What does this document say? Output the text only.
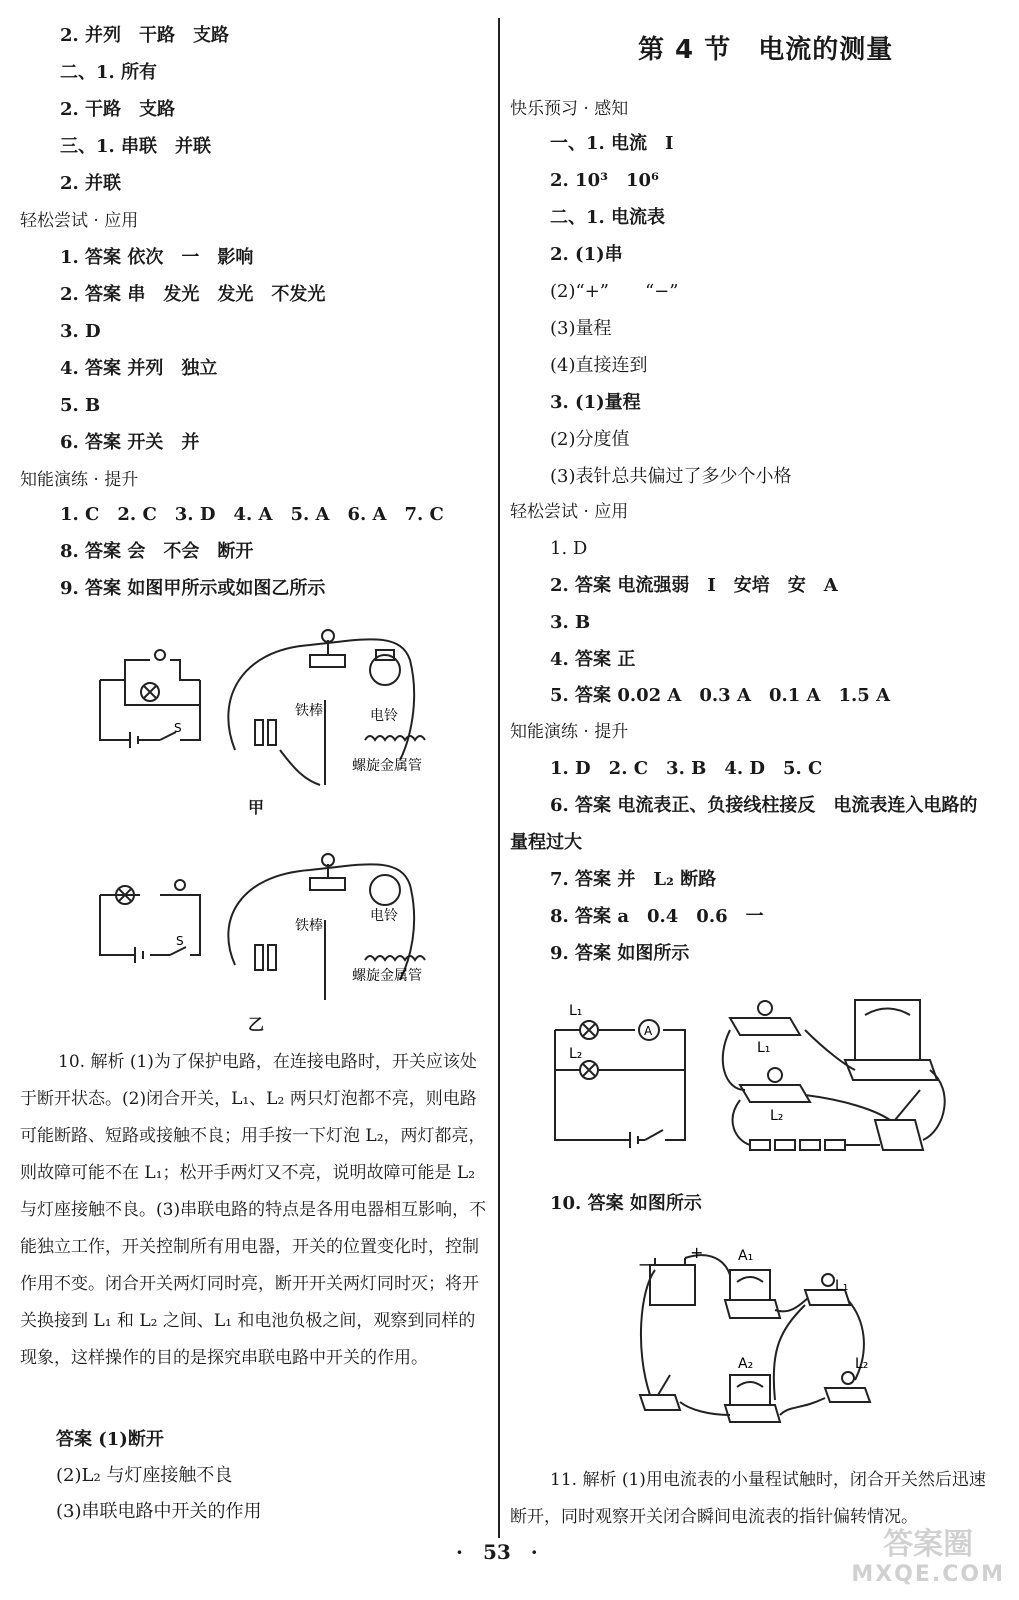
2. 并列　干路　支路
二、1. 所有
2. 干路　支路
三、1. 串联　并联
2. 并联
轻松尝试 · 应用
1. 答案 依次　一　影响
2. 答案 串　发光　发光　不发光
3. D
4. 答案 并列　独立
5. B
6. 答案 开关　并
知能演练 · 提升
1. C　2. C　3. D　4. A　5. A　6. A　7. C
8. 答案 会　不会　断开
9. 答案 如图甲所示或如图乙所示
S
铁棒	电铃
螺旋金属管
甲
S
铁棒
电铃
螺旋金属管
乙
10. 解析 (1)为了保护电路，在连接电路时，开关应该处于断开状态。(2)闭合开关，L₁、L₂ 两只灯泡都不亮，则电路可能断路、短路或接触不良；用手按一下灯泡 L₂，两灯都亮，则故障可能不在 L₁；松开手两灯又不亮，说明故障可能是 L₂ 与灯座接触不良。(3)串联电路的特点是各用电器相互影响，不能独立工作，开关控制所有用电器，开关的位置变化时，控制作用不变。闭合开关两灯同时亮，断开开关两灯同时灭；将开关换接到 L₁ 和 L₂ 之间、L₁ 和电池负极之间，观察到同样的现象，这样操作的目的是探究串联电路中开关的作用。
答案 (1)断开
(2)L₂ 与灯座接触不良
(3)串联电路中开关的作用
第 4 节　电流的测量
快乐预习 · 感知
一、1. 电流　I
2. 10³　10⁶
二、1. 电流表
2. (1)串
(2)“+”　　“−”
(3)量程
(4)直接连到
3. (1)量程
(2)分度值
(3)表针总共偏过了多少个小格
轻松尝试 · 应用
1. D
2. 答案 电流强弱　I　安培　安　A
3. B
4. 答案 正
5. 答案 0.02 A　0.3 A　0.1 A　1.5 A
知能演练 · 提升
1. D　2. C　3. B　4. D　5. C
6. 答案 电流表正、负接线柱接反　电流表连入电路的
量程过大
7. 答案 并　L₂ 断路
8. 答案 a　0.4　0.6　一
9. 答案 如图所示
L₁
L₂
A
L₁
L₂
10. 答案 如图所示
−
+ A₁
A₂
L₁
L₂
11. 解析 (1)用电流表的小量程试触时，闭合开关然后迅速断开，同时观察开关闭合瞬间电流表的指针偏转情况。
·　53　·	答案圈
MXQE.COM
